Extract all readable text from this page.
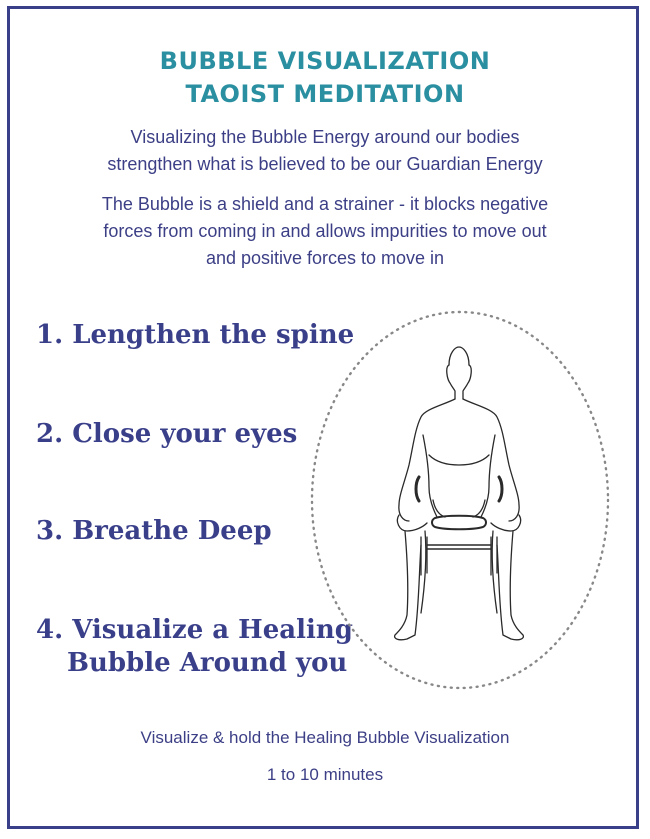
BUBBLE VISUALIZATION
TAOIST MEDITATION
Visualizing the Bubble Energy around our bodies
strengthen what is believed to be our Guardian Energy
The Bubble is a shield and a strainer - it blocks negative
forces from coming in and allows impurities to move out
and positive forces to move in
1. Lengthen the spine
2. Close your eyes
3. Breathe Deep
4. Visualize a Healing
Bubble Around you
Visualize & hold the Healing Bubble Visualization
1 to 10 minutes
